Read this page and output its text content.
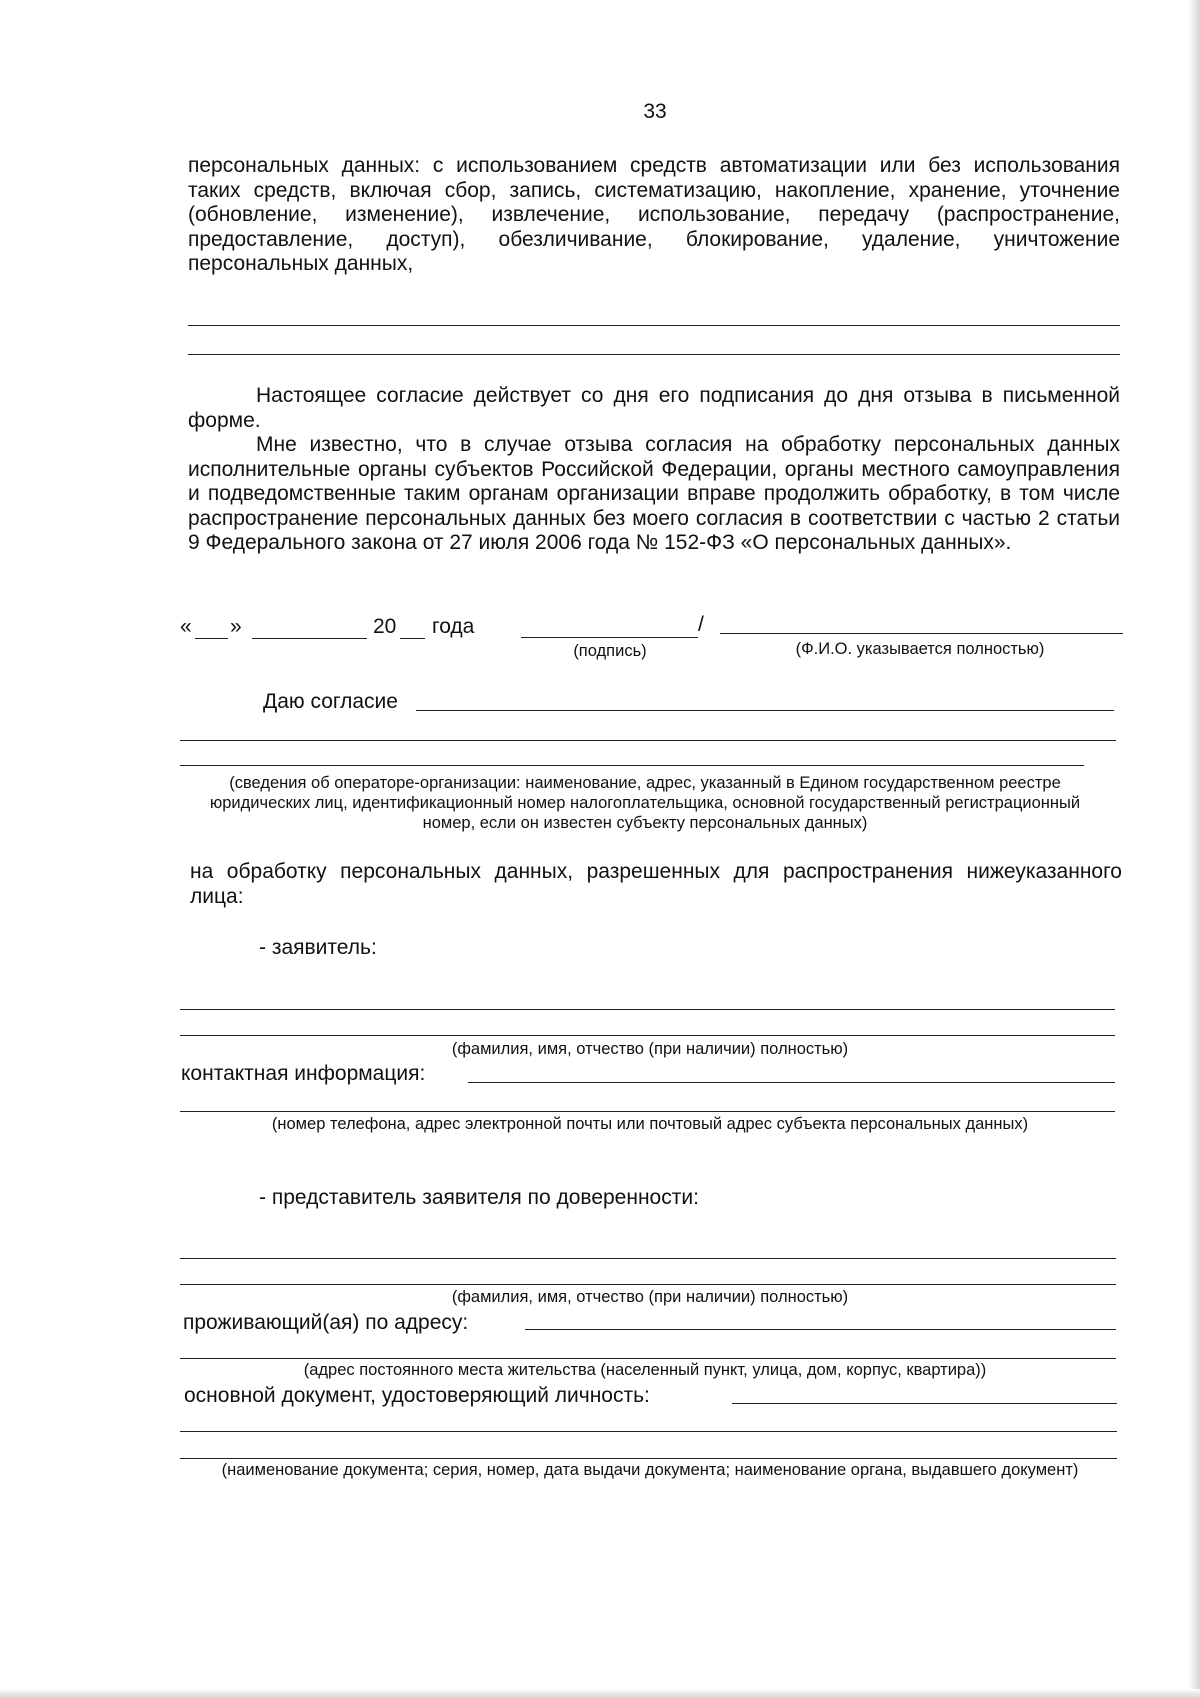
33
персональных данных: с использованием средств автоматизации или без использования таких средств, включая сбор, запись, систематизацию, накопление, хранение, уточнение (обновление, изменение), извлечение, использование, передачу (распространение, предоставление, доступ), обезличивание, блокирование, удаление, уничтожение персональных данных,
Настоящее согласие действует со дня его подписания до дня отзыва в письменной форме.
Мне известно, что в случае отзыва согласия на обработку персональных данных исполнительные органы субъектов Российской Федерации, органы местного самоуправления и подведомственные таким органам организации вправе продолжить обработку, в том числе распространение персональных данных без моего согласия в соответствии с частью 2 статьи 9 Федерального закона от 27 июля 2006 года № 152-ФЗ «О персональных данных».
« »	20 года	/
(подпись)	(Ф.И.О. указывается полностью)
Даю согласие
(сведения об операторе-организации: наименование, адрес, указанный в Едином государственном реестре юридических лиц, идентификационный номер налогоплательщика, основной государственный регистрационный номер, если он известен субъекту персональных данных)
на обработку персональных данных, разрешенных для распространения нижеуказанного лица:
- заявитель:
(фамилия, имя, отчество (при наличии) полностью)
контактная информация:
(номер телефона, адрес электронной почты или почтовый адрес субъекта персональных данных)
- представитель заявителя по доверенности:
(фамилия, имя, отчество (при наличии) полностью)
проживающий(ая) по адресу:
(адрес постоянного места жительства (населенный пункт, улица, дом, корпус, квартира))
основной документ, удостоверяющий личность:
(наименование документа; серия, номер, дата выдачи документа; наименование органа, выдавшего документ)
